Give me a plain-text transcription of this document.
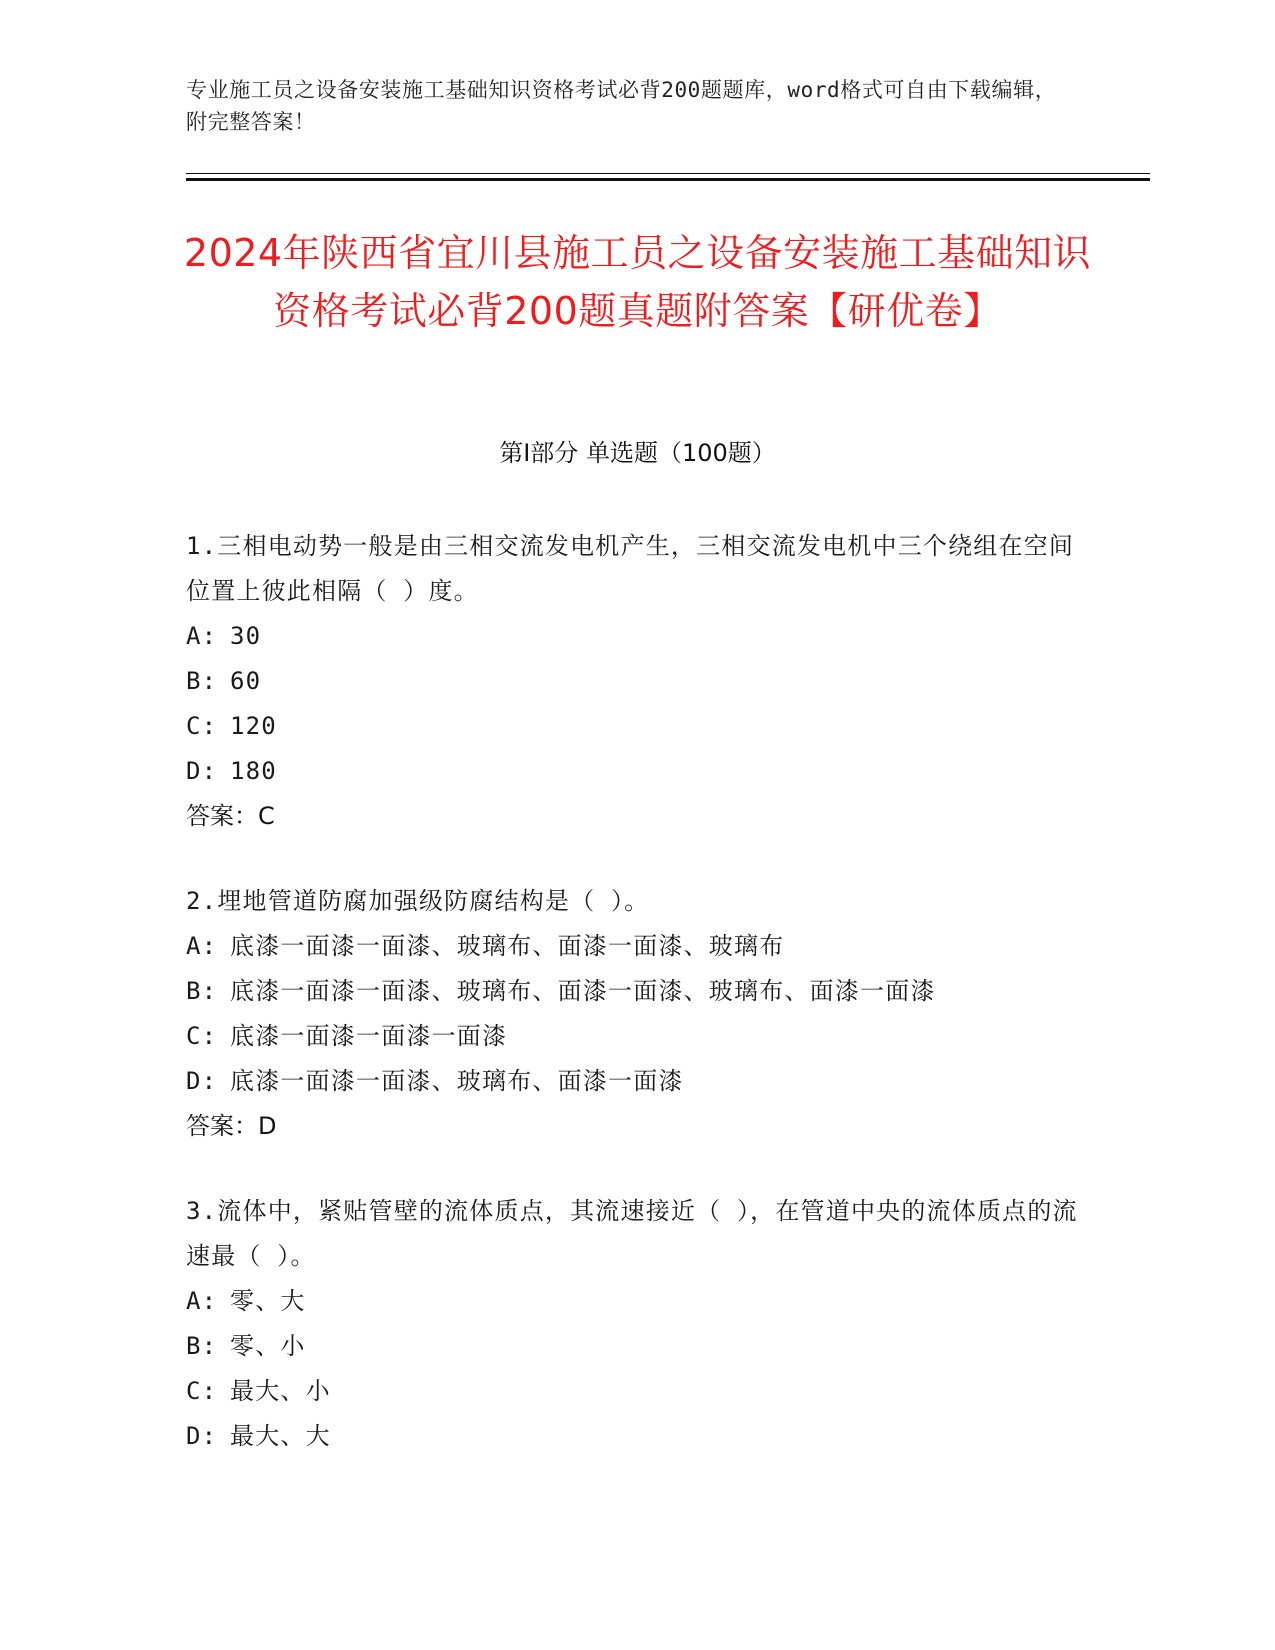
专业施工员之设备安装施工基础知识资格考试必背200题题库，word格式可自由下载编辑，附完整答案！
2024年陕西省宜川县施工员之设备安装施工基础知识资格考试必背200题真题附答案【研优卷】
第Ⅰ部分 单选题（100题）

1.三相电动势一般是由三相交流发电机产生，三相交流发电机中三个绕组在空间位置上彼此相隔（ ）度。

A: 30

B: 60

C: 120

D: 180

答案：C

2.埋地管道防腐加强级防腐结构是（ ）。

A: 底漆一面漆一面漆、玻璃布、面漆一面漆、玻璃布

B: 底漆一面漆一面漆、玻璃布、面漆一面漆、玻璃布、面漆一面漆

C: 底漆一面漆一面漆一面漆

D: 底漆一面漆一面漆、玻璃布、面漆一面漆

答案：D

3.流体中，紧贴管壁的流体质点，其流速接近（ ），在管道中央的流体质点的流速最（ ）。

A: 零、大

B: 零、小

C: 最大、小

D: 最大、大
